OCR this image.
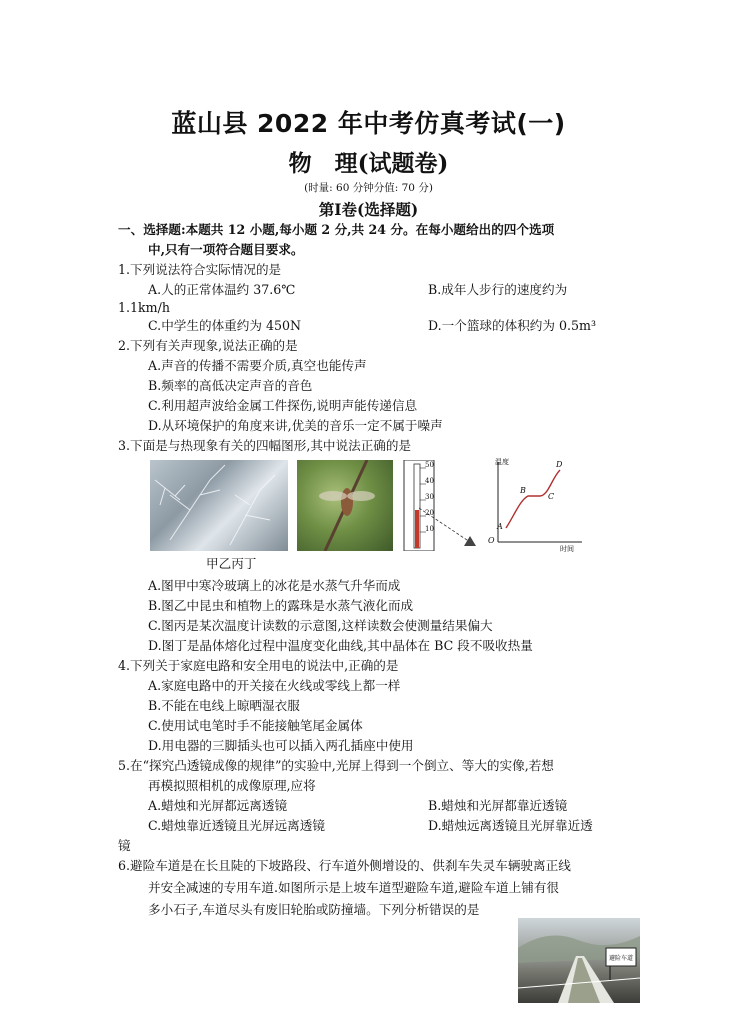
蓝山县 2022 年中考仿真考试(一)
物　理(试题卷)
(时量: 60 分钟分值: 70 分)
第Ⅰ卷(选择题)
一、选择题:本题共 12 小题,每小题 2 分,共 24 分。在每小题给出的四个选项
中,只有一项符合题目要求。
1.下列说法符合实际情况的是
A.人的正常体温约 37.6℃	B.成年人步行的速度约为
1.1km/h
C.中学生的体重约为 450N	D.一个篮球的体积约为 0.5m³
2.下列有关声现象,说法正确的是
A.声音的传播不需要介质,真空也能传声
B.频率的高低决定声音的音色
C.利用超声波给金属工件探伤,说明声能传递信息
D.从环境保护的角度来讲,优美的音乐一定不属于噪声
3.下面是与热现象有关的四幅图形,其中说法正确的是
50
40
30
20
10
温度
时间
O
A
B
C
D
甲乙丙丁
A.图甲中寒冷玻璃上的冰花是水蒸气升华而成
B.图乙中昆虫和植物上的露珠是水蒸气液化而成
C.图丙是某次温度计读数的示意图,这样读数会使测量结果偏大
D.图丁是晶体熔化过程中温度变化曲线,其中晶体在 BC 段不吸收热量
4.下列关于家庭电路和安全用电的说法中,正确的是
A.家庭电路中的开关接在火线或零线上都一样
B.不能在电线上晾晒湿衣服
C.使用试电笔时手不能接触笔尾金属体
D.用电器的三脚插头也可以插入两孔插座中使用
5.在“探究凸透镜成像的规律”的实验中,光屏上得到一个倒立、等大的实像,若想
再模拟照相机的成像原理,应将
A.蜡烛和光屏都远离透镜	B.蜡烛和光屏都靠近透镜
C.蜡烛靠近透镜且光屏远离透镜	D.蜡烛远离透镜且光屏靠近透
镜
6.避险车道是在长且陡的下坡路段、行车道外侧增设的、供刹车失灵车辆驶离正线
并安全减速的专用车道.如图所示是上坡车道型避险车道,避险车道上铺有很
多小石子,车道尽头有废旧轮胎或防撞墙。下列分析错误的是
避险车道
